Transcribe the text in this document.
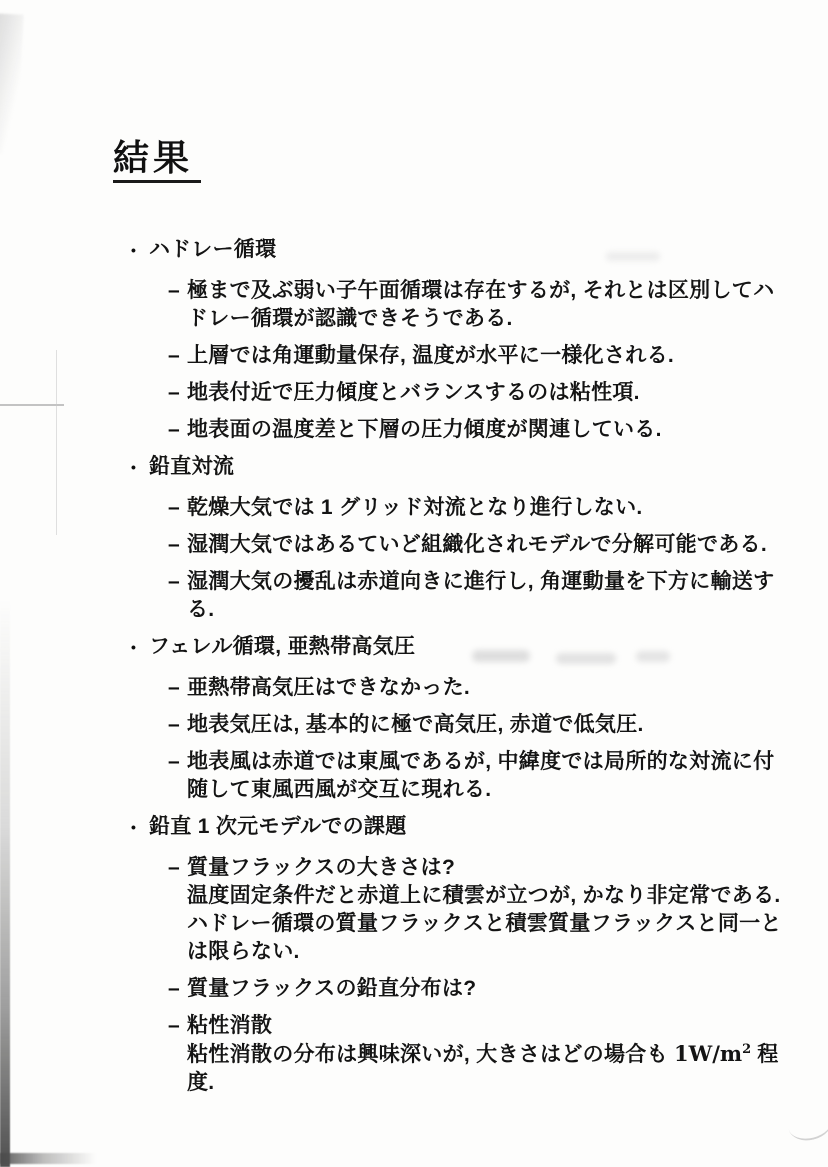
結果
• ハドレー循環
– 極まで及ぶ弱い子午面循環は存在するが, それとは区別してハドレー循環が認識できそうである.
– 上層では角運動量保存, 温度が水平に一様化される.
– 地表付近で圧力傾度とバランスするのは粘性項.
– 地表面の温度差と下層の圧力傾度が関連している.
• 鉛直対流
– 乾燥大気では 1 グリッド対流となり進行しない.
– 湿潤大気ではあるていど組織化されモデルで分解可能である.
– 湿潤大気の擾乱は赤道向きに進行し, 角運動量を下方に輸送する.
• フェレル循環, 亜熱帯高気圧
– 亜熱帯高気圧はできなかった.
– 地表気圧は, 基本的に極で高気圧, 赤道で低気圧.
– 地表風は赤道では東風であるが, 中緯度では局所的な対流に付随して東風西風が交互に現れる.
• 鉛直 1 次元モデルでの課題
– 質量フラックスの大きさは?
温度固定条件だと赤道上に積雲が立つが, かなり非定常である. ハドレー循環の質量フラックスと積雲質量フラックスと同一とは限らない.
– 質量フラックスの鉛直分布は?
– 粘性消散
粘性消散の分布は興味深いが, 大きさはどの場合も $1W/m^2$ 程度.
